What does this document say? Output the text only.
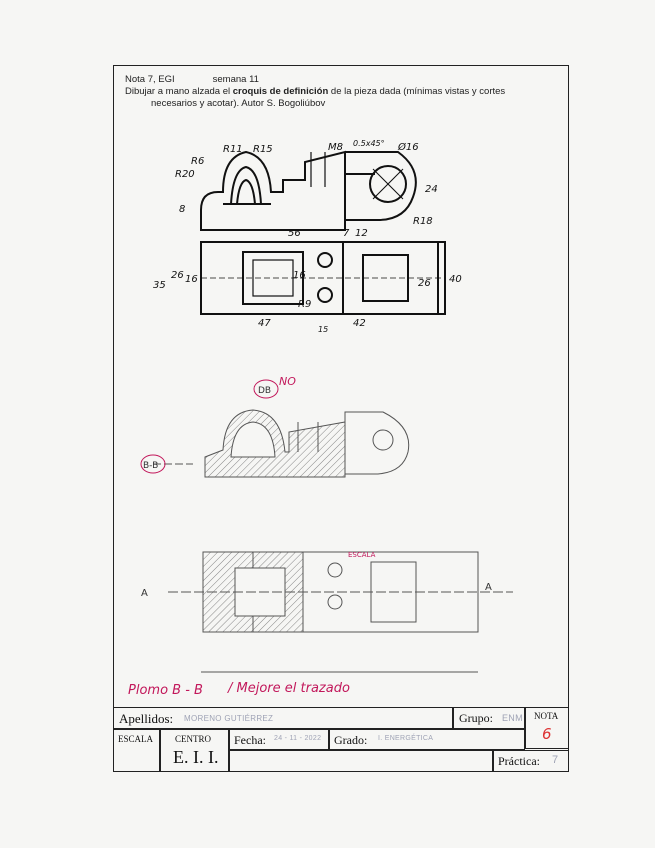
Nota 7, EGI	semana 11
Dibujar a mano alzada el croquis de definición de la pieza dada (mínimas vistas y cortes
necesarios y acotar). Autor S. Bogoliúbov
R11 R15
R6
R20
R18
M8 0.5x45° Ø16
24
8
56	7 12
35
26 16	16	40
26
R9
47	42
15
DB
NO
B-B
A
A
ESCALA
Plomo B - B / Mejore el trazado
Apellidos: MORENO GUTIÉRREZ	Grupo: ENM NOTA
6
ESCALA CENTRO
E. I. I.
Fecha: 24 - 11 - 2022 Grado: I. ENERGÉTICA
Práctica: 7
